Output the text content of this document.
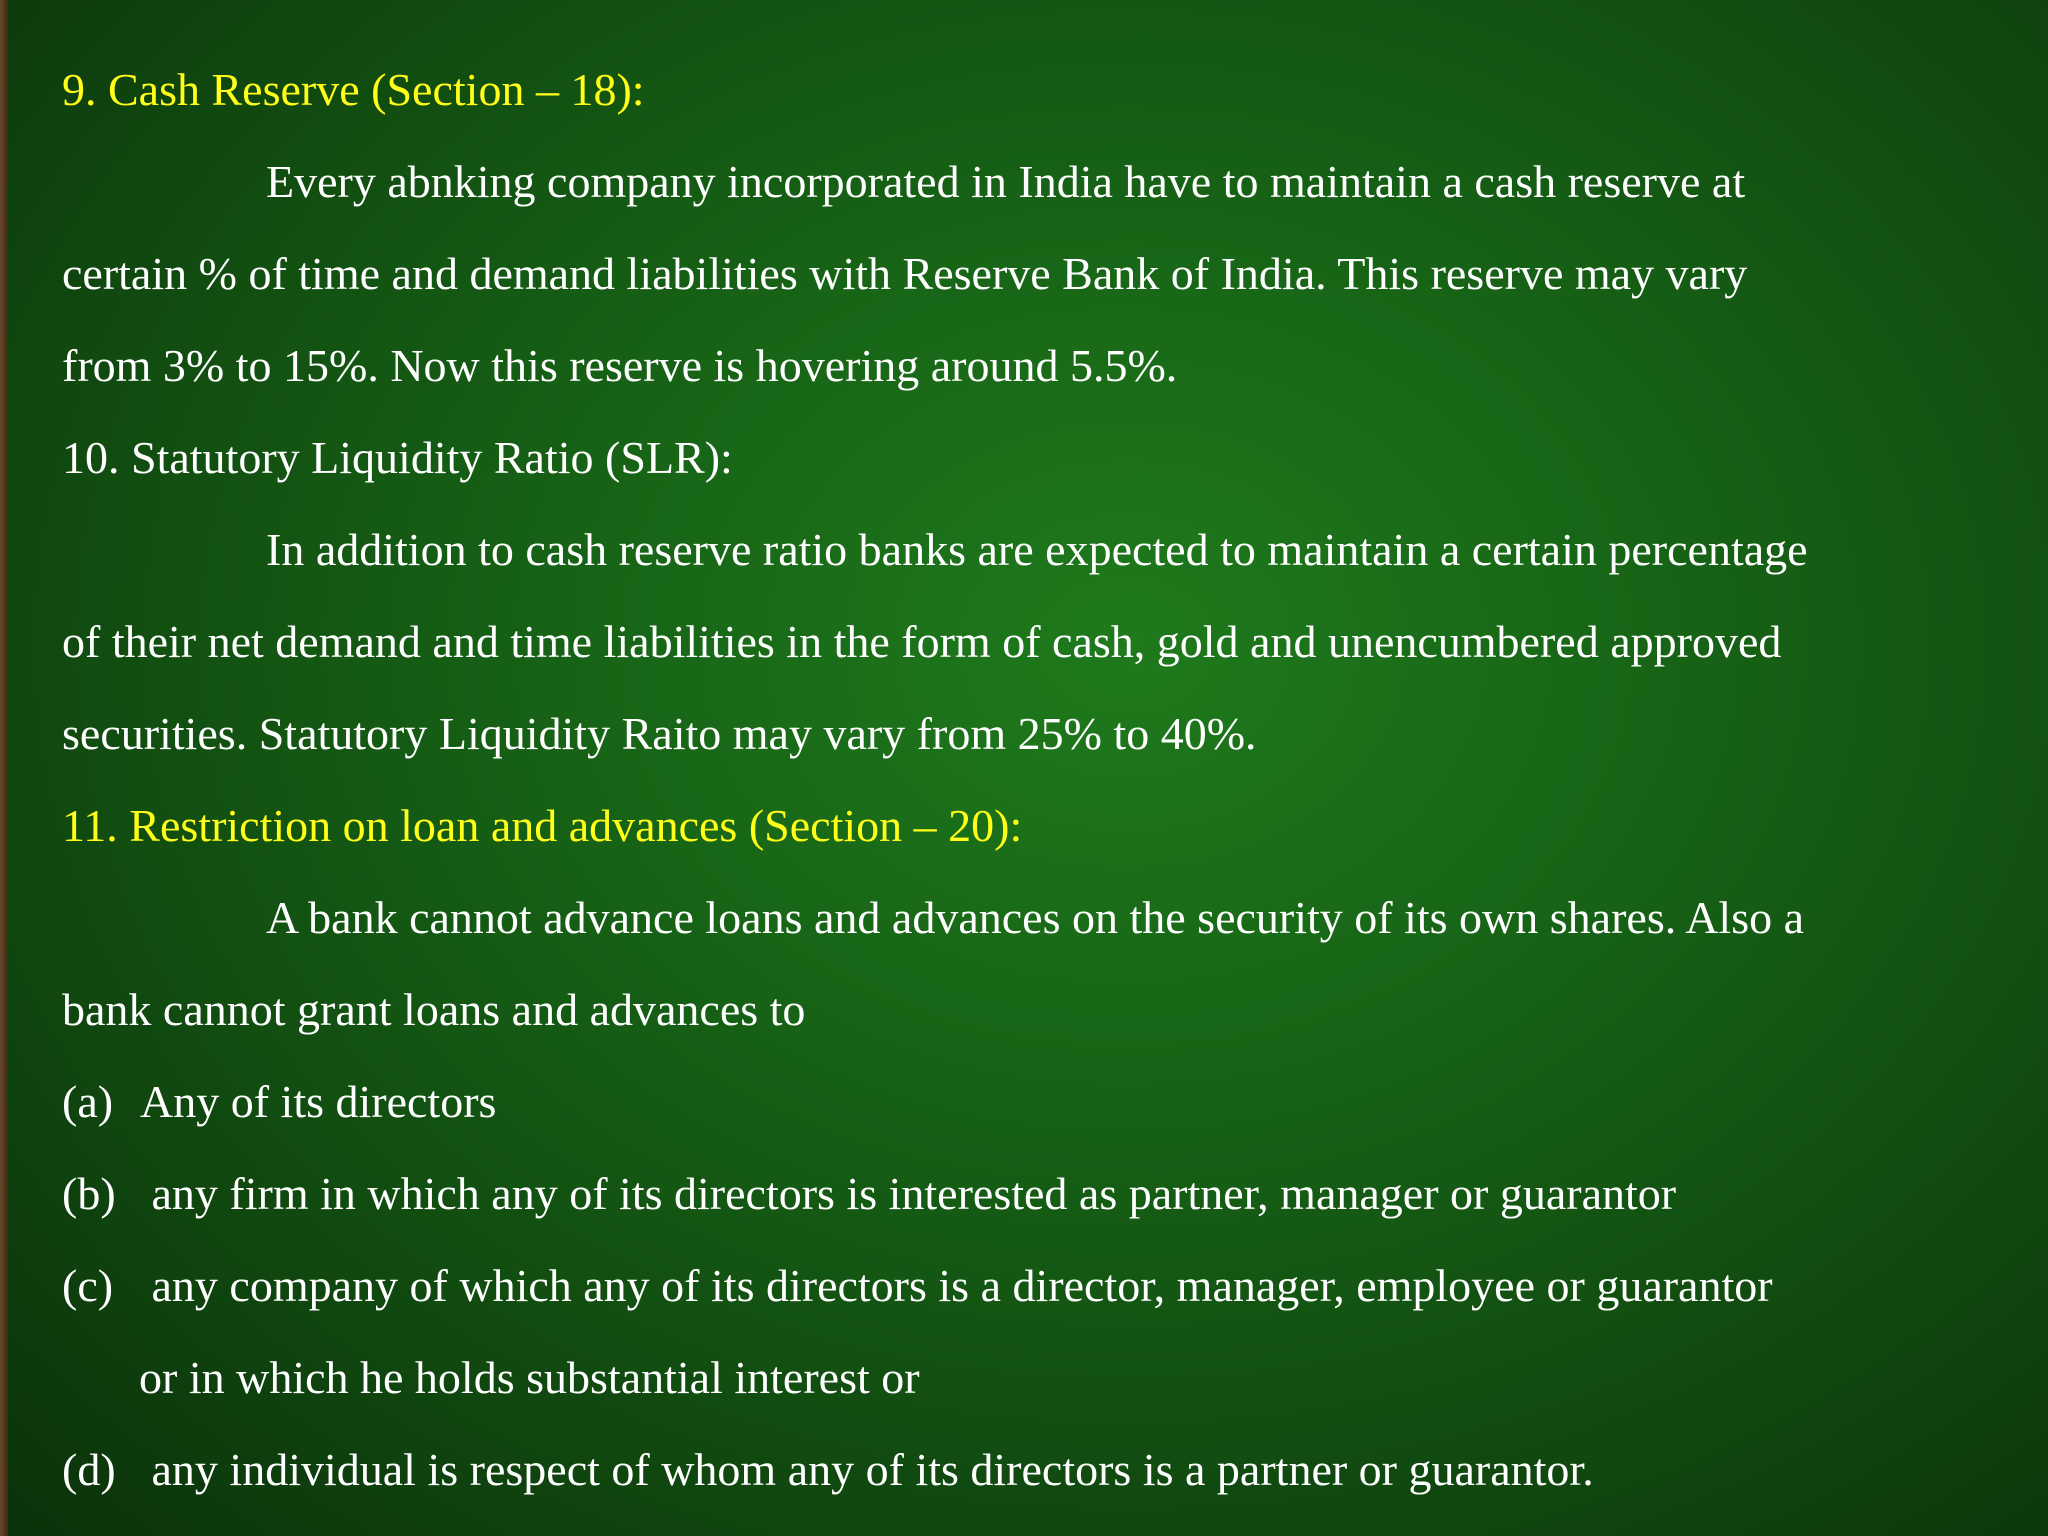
9. Cash Reserve (Section – 18):
Every abnking company incorporated in India have to maintain a cash reserve at
certain % of time and demand liabilities with Reserve Bank of India. This reserve may vary
from 3% to 15%. Now this reserve is hovering around 5.5%.
10. Statutory Liquidity Ratio (SLR):
In addition to cash reserve ratio banks are expected to maintain a certain percentage
of their net demand and time liabilities in the form of cash, gold and unencumbered approved
securities. Statutory Liquidity Raito may vary from 25% to 40%.
11. Restriction on loan and advances (Section – 20):
A bank cannot advance loans and advances on the security of its own shares. Also a
bank cannot grant loans and advances to
(a) Any of its directors
(b) any firm in which any of its directors is interested as partner, manager or guarantor
(c) any company of which any of its directors is a director, manager, employee or guarantor
or in which he holds substantial interest or
(d) any individual is respect of whom any of its directors is a partner or guarantor.
